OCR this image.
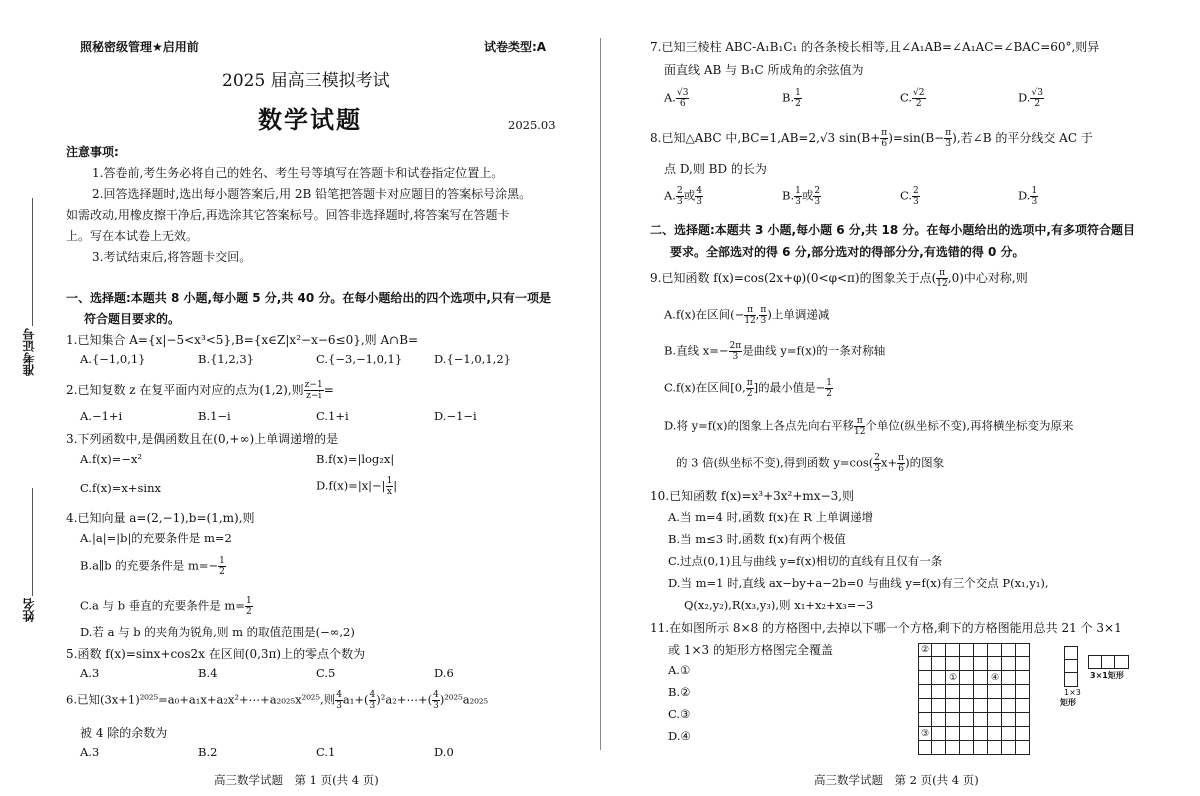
照秘密级管理★启用前	试卷类型:A
2025 届高三模拟考试
数学试题	2025.03
注意事项:
1.答卷前,考生务必将自己的姓名、考生号等填写在答题卡和试卷指定位置上。
2.回答选择题时,选出每小题答案后,用 2B 铅笔把答题卡对应题目的答案标号涂黑。
如需改动,用橡皮擦干净后,再选涂其它答案标号。回答非选择题时,将答案写在答题卡
上。写在本试卷上无效。
3.考试结束后,将答题卡交回。
准考证号
姓名
一、选择题:本题共 8 小题,每小题 5 分,共 40 分。在每小题给出的四个选项中,只有一项是
符合题目要求的。
1.已知集合 A={x|−5<x³<5},B={x∈Z|x²−x−6≤0},则 A∩B=
A.{−1,0,1}	B.{1,2,3}	C.{−3,−1,0,1}	D.{−1,0,1,2}
2.已知复数 z 在复平面内对应的点为(1,2),则 $\frac{z-1}{z-i}$ =
A.−1+i	B.1−i	C.1+i	D.−1−i
3.下列函数中,是偶函数且在(0,+∞)上单调递增的是
A.f(x)=−x²	B.f(x)=|log₂x|
C.f(x)=x+sinx	$D.f(x)=|x|-| \frac{1}{x}$ |
4.已知向量 a=(2,−1),b=(1,m),则
A.|a|=|b|的充要条件是 m=2
B.a∥b 的充要条件是 $m=- \frac{1}{2}$
C.a 与 b 垂直的充要条件是 $m= \frac{1}{2}$
D.若 a 与 b 的夹角为锐角,则 m 的取值范围是(−∞,2)
5.函数 f(x)=sinx+cos2x 在区间(0,3π)上的零点个数为
A.3	B.4	C.5	D.6
6.已知(3x+1)²⁰²⁵=a₀+a₁x+a₂x²+⋯+a₂₀₂₅x²⁰²⁵,则 $\frac{4}{3} a_1+( \frac{4}{3}$ )²a₂+⋯+( $\frac{4}{3} )^{2025}a_{2025}$
被 4 除的余数为
A.3	B.2	C.1	D.0
高三数学试题　第 1 页(共 4 页)
7.已知三棱柱 ABC-A₁B₁C₁ 的各条棱长相等,且∠A₁AB=∠A₁AC=∠BAC=60°,则异
面直线 AB 与 B₁C 所成角的余弦值为
A. $\frac{√3}{6}$	B. $\frac{1}{2}$	C. $\frac{√2}{2}$	D. $\frac{√3}{2}$
8.已知△ABC 中,BC=1,AB=2,√3 $\sin(B+ \frac{\pi}{6} )=\sin(B- \frac{\pi}{3}$ ),若∠B 的平分线交 AC 于
点 D,则 BD 的长为
A. $\frac{2}{3}$ 或 $\frac{4}{3}$	B. $\frac{1}{3}$ 或 $\frac{2}{3}$	C. $\frac{2}{3}$	D. $\frac{1}{3}$
二、选择题:本题共 3 小题,每小题 6 分,共 18 分。在每小题给出的选项中,有多项符合题目
要求。全部选对的得 6 分,部分选对的得部分分,有选错的得 0 分。
9.已知函数 f(x)=cos(2x+φ)(0<φ<π)的图象关于点( $\frac{\pi}{12} ,0$)中心对称,则
A.f(x)在区间(− $\frac{\pi}{12}$ , $\frac{\pi}{3}$ )上单调递减
B.直线 $x=- \frac{2\pi}{3}$ 是曲线 y=f(x)的一条对称轴
C.f(x)在区间[0, $\frac{\pi}{2}$ ]的最小值是− $\frac{1}{2}$
D.将 y=f(x)的图象上各点先向右平移 $\frac{\pi}{12}$ 个单位(纵坐标不变),再将横坐标变为原来
的 3 倍(纵坐标不变),得到函数 $y=\cos( \frac{2}{3} x+ \frac{\pi}{6}$ )的图象
10.已知函数 f(x)=x³+3x²+mx−3,则
A.当 m=4 时,函数 f(x)在 R 上单调递增
B.当 m≤3 时,函数 f(x)有两个极值
C.过点(0,1)且与曲线 y=f(x)相切的直线有且仅有一条
D.当 m=1 时,直线 ax−by+a−2b=0 与曲线 y=f(x)有三个交点 P(x₁,y₁),
Q(x₂,y₂),R(x₃,y₃),则 x₁+x₂+x₃=−3
11.在如图所示 8×8 的方格图中,去掉以下哪一个方格,剩下的方格图能用总共 21 个 3×1
或 1×3 的矩形方格图完全覆盖
A.①
B.②
C.③
D.④
②
①	④
③
1×3
矩形
3×1矩形
高三数学试题　第 2 页(共 4 页)
